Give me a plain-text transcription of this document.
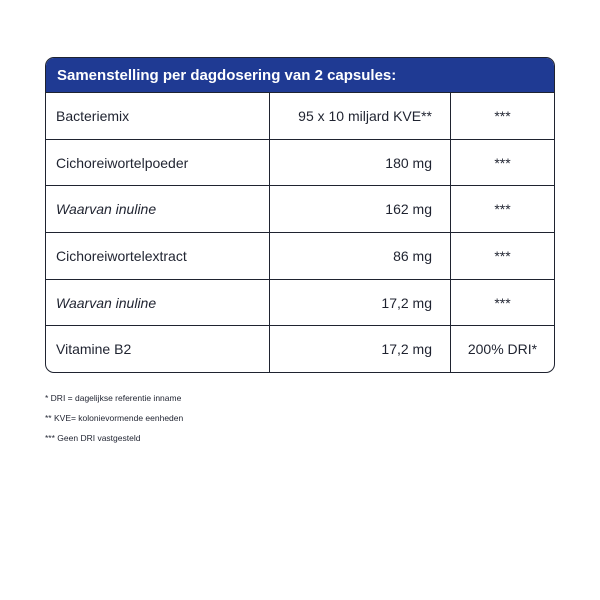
Samenstelling per dagdosering van 2 capsules:
Bacteriemix	95 x 10 miljard KVE**	***
Cichoreiwortelpoeder	180 mg	***
Waarvan inuline	162 mg	***
Cichoreiwortelextract	86 mg	***
Waarvan inuline	17,2 mg	***
Vitamine B2	17,2 mg	200% DRI*
* DRI = dagelijkse referentie inname
** KVE= kolonievormende eenheden
*** Geen DRI vastgesteld
